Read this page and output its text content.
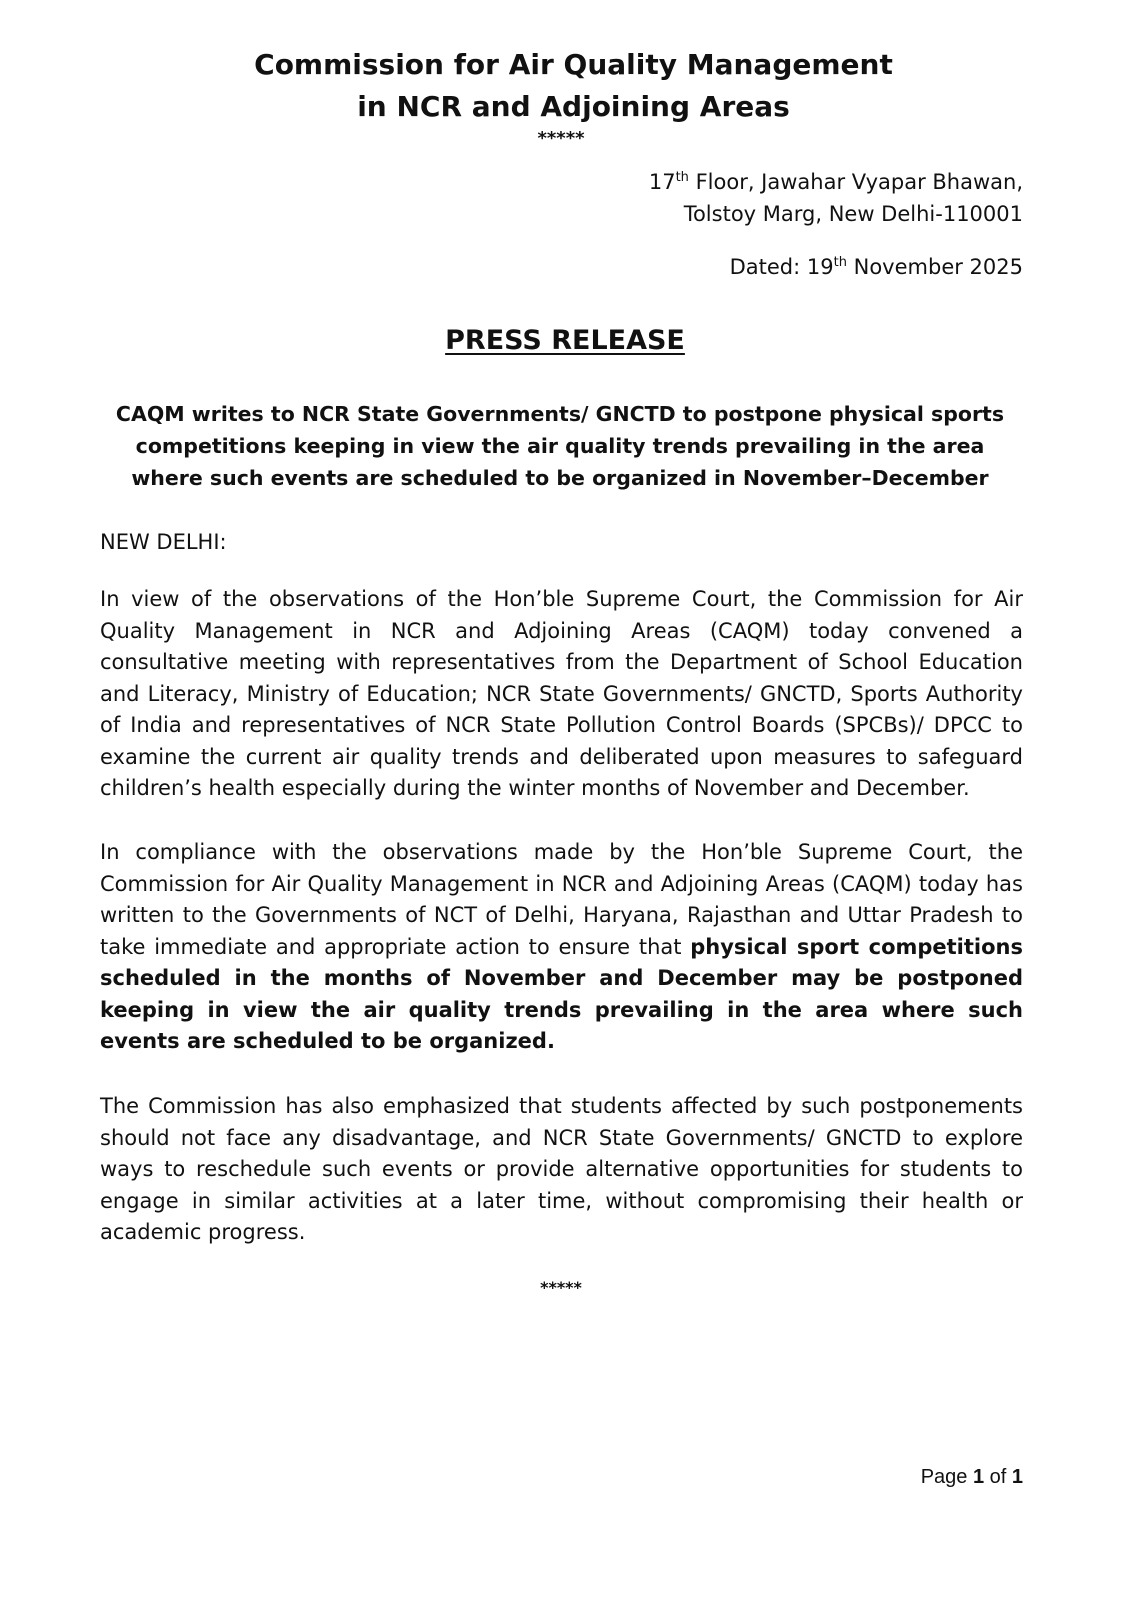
Commission for Air Quality Management
in NCR and Adjoining Areas
*****
17th Floor, Jawahar Vyapar Bhawan,
Tolstoy Marg, New Delhi-110001
Dated: 19th November 2025
PRESS RELEASE
CAQM writes to NCR State Governments/ GNCTD to postpone physical sports competitions keeping in view the air quality trends prevailing in the area where such events are scheduled to be organized in November–December
NEW DELHI:

In view of the observations of the Hon’ble Supreme Court, the Commission for Air Quality Management in NCR and Adjoining Areas (CAQM) today convened a consultative meeting with representatives from the Department of School Education and Literacy, Ministry of Education; NCR State Governments/ GNCTD, Sports Authority of India and representatives of NCR State Pollution Control Boards (SPCBs)/ DPCC to examine the current air quality trends and deliberated upon measures to safeguard children’s health especially during the winter months of November and December.

In compliance with the observations made by the Hon’ble Supreme Court, the Commission for Air Quality Management in NCR and Adjoining Areas (CAQM) today has written to the Governments of NCT of Delhi, Haryana, Rajasthan and Uttar Pradesh to take immediate and appropriate action to ensure that physical sport competitions scheduled in the months of November and December may be postponed keeping in view the air quality trends prevailing in the area where such events are scheduled to be organized.

The Commission has also emphasized that students affected by such postponements should not face any disadvantage, and NCR State Governments/ GNCTD to explore ways to reschedule such events or provide alternative opportunities for students to engage in similar activities at a later time, without compromising their health or academic progress.

*****
Page 1 of 1
